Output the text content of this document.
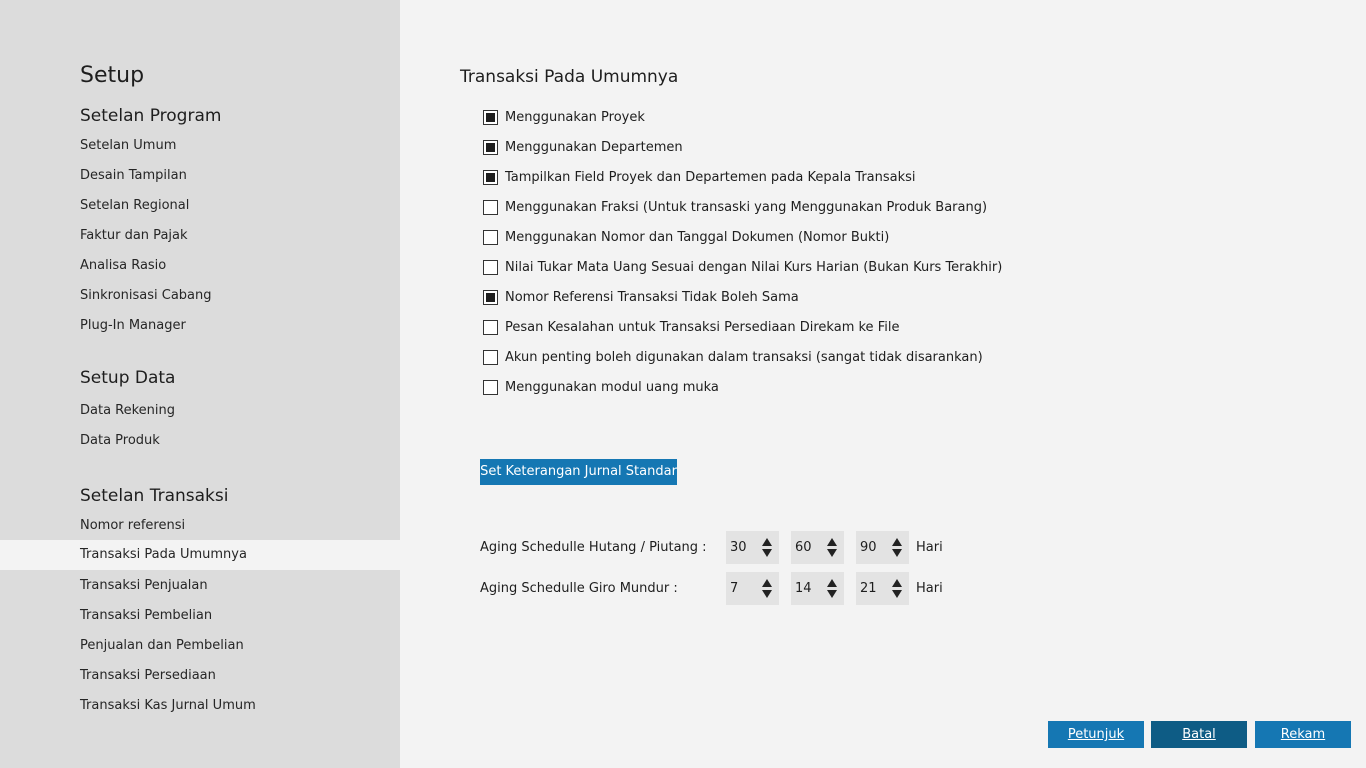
Setup
Setelan Program
Setelan Umum
Desain Tampilan
Setelan Regional
Faktur dan Pajak
Analisa Rasio
Sinkronisasi Cabang
Plug-In Manager
Setup Data
Data Rekening
Data Produk
Setelan Transaksi
Nomor referensi
Transaksi Pada Umumnya
Transaksi Penjualan
Transaksi Pembelian
Penjualan dan Pembelian
Transaksi Persediaan
Transaksi Kas Jurnal Umum
Transaksi Pada Umumnya
Menggunakan Proyek
Menggunakan Departemen
Tampilkan Field Proyek dan Departemen pada Kepala Transaksi
Menggunakan Fraksi (Untuk transaski yang Menggunakan Produk Barang)
Menggunakan Nomor dan Tanggal Dokumen (Nomor Bukti)
Nilai Tukar Mata Uang Sesuai dengan Nilai Kurs Harian (Bukan Kurs Terakhir)
Nomor Referensi Transaksi Tidak Boleh Sama
Pesan Kesalahan untuk Transaksi Persediaan Direkam ke File
Akun penting boleh digunakan dalam transaksi (sangat tidak disarankan)
Menggunakan modul uang muka
Set Keterangan Jurnal Standar
Aging Schedulle Hutang / Piutang : 30	60	90	Hari
Aging Schedulle Giro Mundur :	7	14	21	Hari
Petunjuk	Batal	Rekam
